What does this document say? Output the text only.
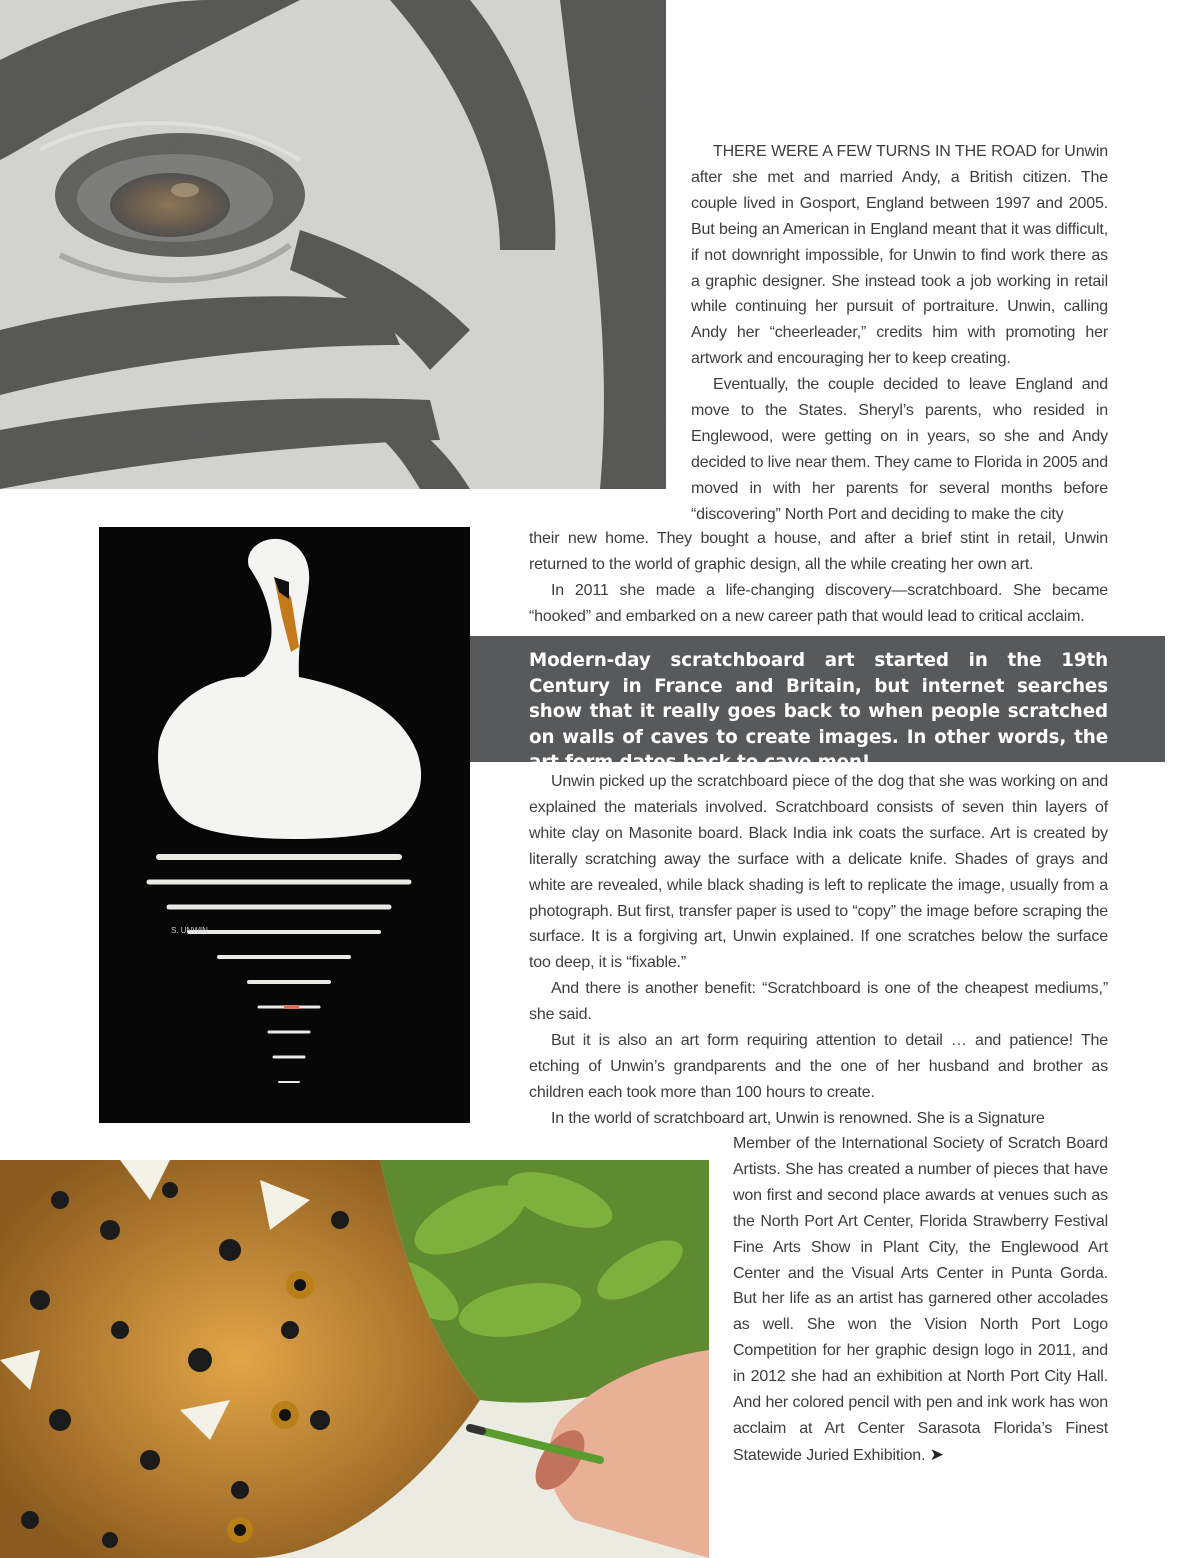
THERE WERE A FEW TURNS IN THE ROAD for Unwin after she met and married Andy, a British citizen. The couple lived in Gosport, England between 1997 and 2005. But being an American in England meant that it was difficult, if not downright impossible, for Unwin to find work there as a graphic designer. She instead took a job working in retail while continuing her pursuit of portraiture. Unwin, calling Andy her “cheerleader,” credits him with promoting her artwork and encouraging her to keep creating.

Eventually, the couple decided to leave England and move to the States. Sheryl’s parents, who resided in Englewood, were getting on in years, so she and Andy decided to live near them. They came to Florida in 2005 and moved in with her parents for several months before “discovering” North Port and deciding to make the city

S. UNWIN

their new home. They bought a house, and after a brief stint in retail, Unwin returned to the world of graphic design, all the while creating her own art.

In 2011 she made a life-changing discovery—scratchboard. She became “hooked” and embarked on a new career path that would lead to critical acclaim.

Modern-day scratchboard art started in the 19th Century in France and Britain, but internet searches show that it really goes back to when people scratched on walls of caves to create images. In other words, the art form dates back to cave men!

Unwin picked up the scratchboard piece of the dog that she was working on and explained the materials involved. Scratchboard consists of seven thin layers of white clay on Masonite board. Black India ink coats the surface. Art is created by literally scratching away the surface with a delicate knife. Shades of grays and white are revealed, while black shading is left to replicate the image, usually from a photograph. But first, transfer paper is used to “copy” the image before scraping the surface. It is a forgiving art, Unwin explained. If one scratches below the surface too deep, it is “fixable.”

And there is another benefit: “Scratchboard is one of the cheapest mediums,” she said.

But it is also an art form requiring attention to detail … and patience! The etching of Unwin’s grandparents and the one of her husband and brother as children each took more than 100 hours to create.

In the world of scratchboard art, Unwin is renowned. She is a Signature

Member of the International Society of Scratch Board Artists. She has created a number of pieces that have won first and second place awards at venues such as the North Port Art Center, Florida Strawberry Festival Fine Arts Show in Plant City, the Englewood Art Center and the Visual Arts Center in Punta Gorda. But her life as an artist has garnered other accolades as well. She won the Vision North Port Logo Competition for her graphic design logo in 2011, and in 2012 she had an exhibition at North Port City Hall. And her colored pencil with pen and ink work has won acclaim at Art Center Sarasota Florida’s Finest Statewide Juried Exhibition. ➤
